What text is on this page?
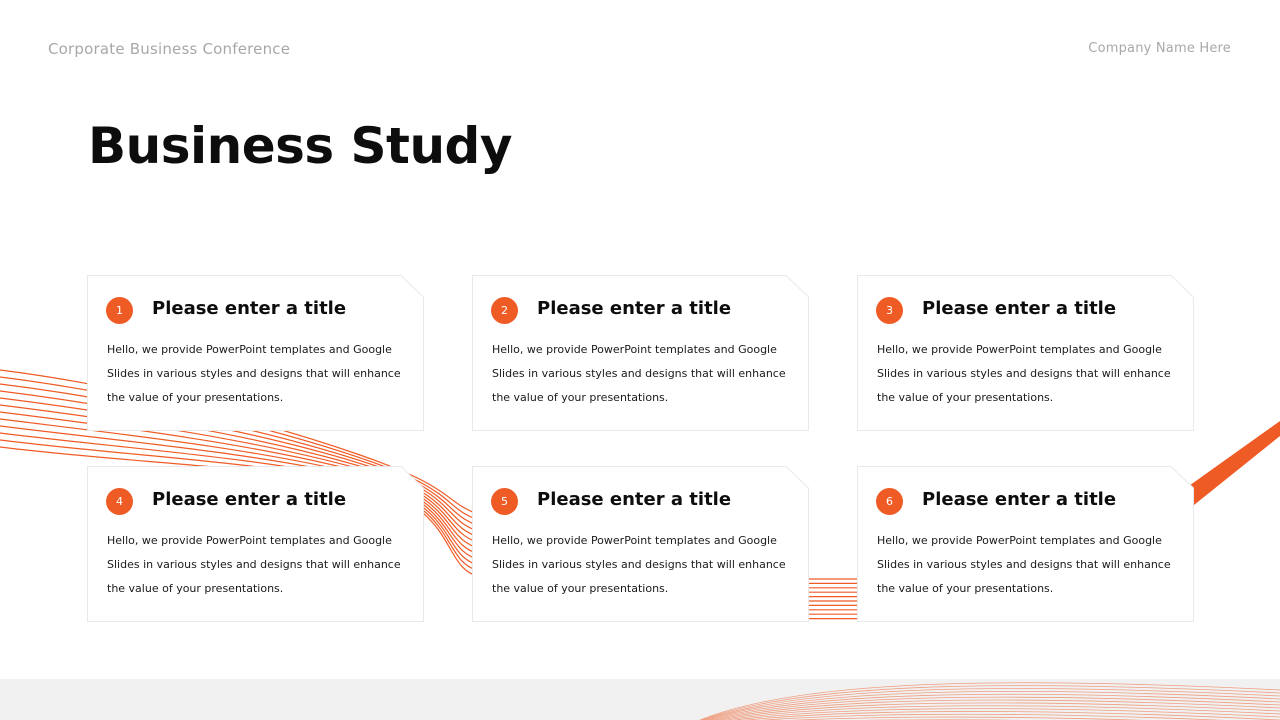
Corporate Business Conference	Company Name Here
Business Study
1	Please enter a title

Hello, we provide PowerPoint templates and Google Slides in various styles and designs that will enhance the value of your presentations.

2	Please enter a title

Hello, we provide PowerPoint templates and Google Slides in various styles and designs that will enhance the value of your presentations.

3	Please enter a title

Hello, we provide PowerPoint templates and Google Slides in various styles and designs that will enhance the value of your presentations.

4	Please enter a title

Hello, we provide PowerPoint templates and Google Slides in various styles and designs that will enhance the value of your presentations.

5	Please enter a title

Hello, we provide PowerPoint templates and Google Slides in various styles and designs that will enhance the value of your presentations.

6	Please enter a title

Hello, we provide PowerPoint templates and Google Slides in various styles and designs that will enhance the value of your presentations.
